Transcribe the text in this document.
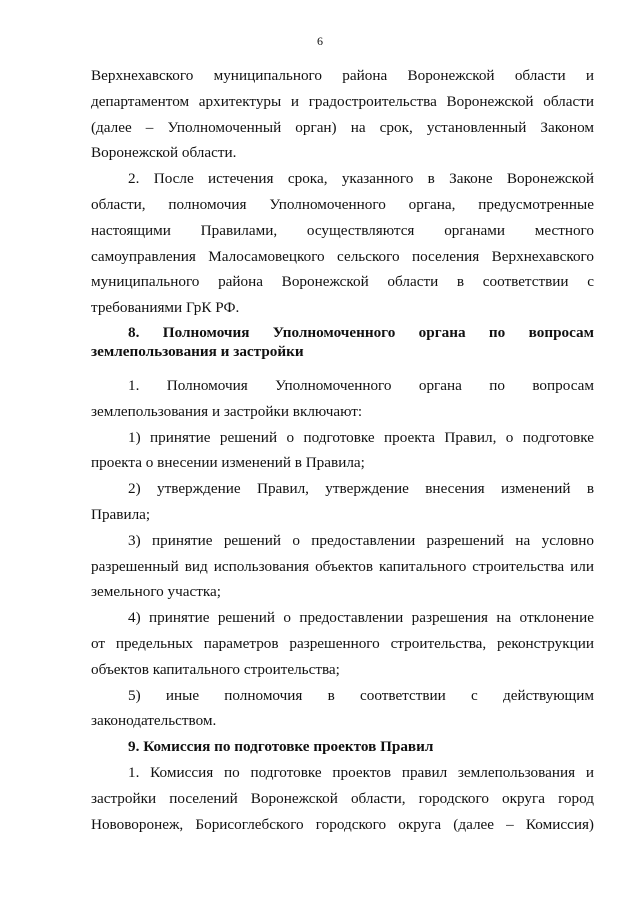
6

Верхнехавского муниципального района Воронежской области и
департаментом архитектуры и градостроительства Воронежской области
(далее – Уполномоченный орган) на срок, установленный Законом
Воронежской области.

2. После истечения срока, указанного в Законе Воронежской
области, полномочия Уполномоченного органа, предусмотренные
настоящими Правилами, осуществляются органами местного
самоуправления Малосамовецкого сельского поселения Верхнехавского
муниципального района Воронежской области в соответствии с
требованиями ГрК РФ.

8. Полномочия Уполномоченного органа по вопросам
землепользования и застройки

1. Полномочия Уполномоченного органа по вопросам
землепользования и застройки включают:

1) принятие решений о подготовке проекта Правил, о подготовке
проекта о внесении изменений в Правила;

2) утверждение Правил, утверждение внесения изменений в
Правила;

3) принятие решений о предоставлении разрешений на условно
разрешенный вид использования объектов капитального строительства или
земельного участка;

4) принятие решений о предоставлении разрешения на отклонение
от предельных параметров разрешенного строительства, реконструкции
объектов капитального строительства;

5) иные полномочия в соответствии с действующим
законодательством.

9. Комиссия по подготовке проектов Правил

1. Комиссия по подготовке проектов правил землепользования и
застройки поселений Воронежской области, городского округа город
Нововоронеж, Борисоглебского городского округа (далее – Комиссия)
